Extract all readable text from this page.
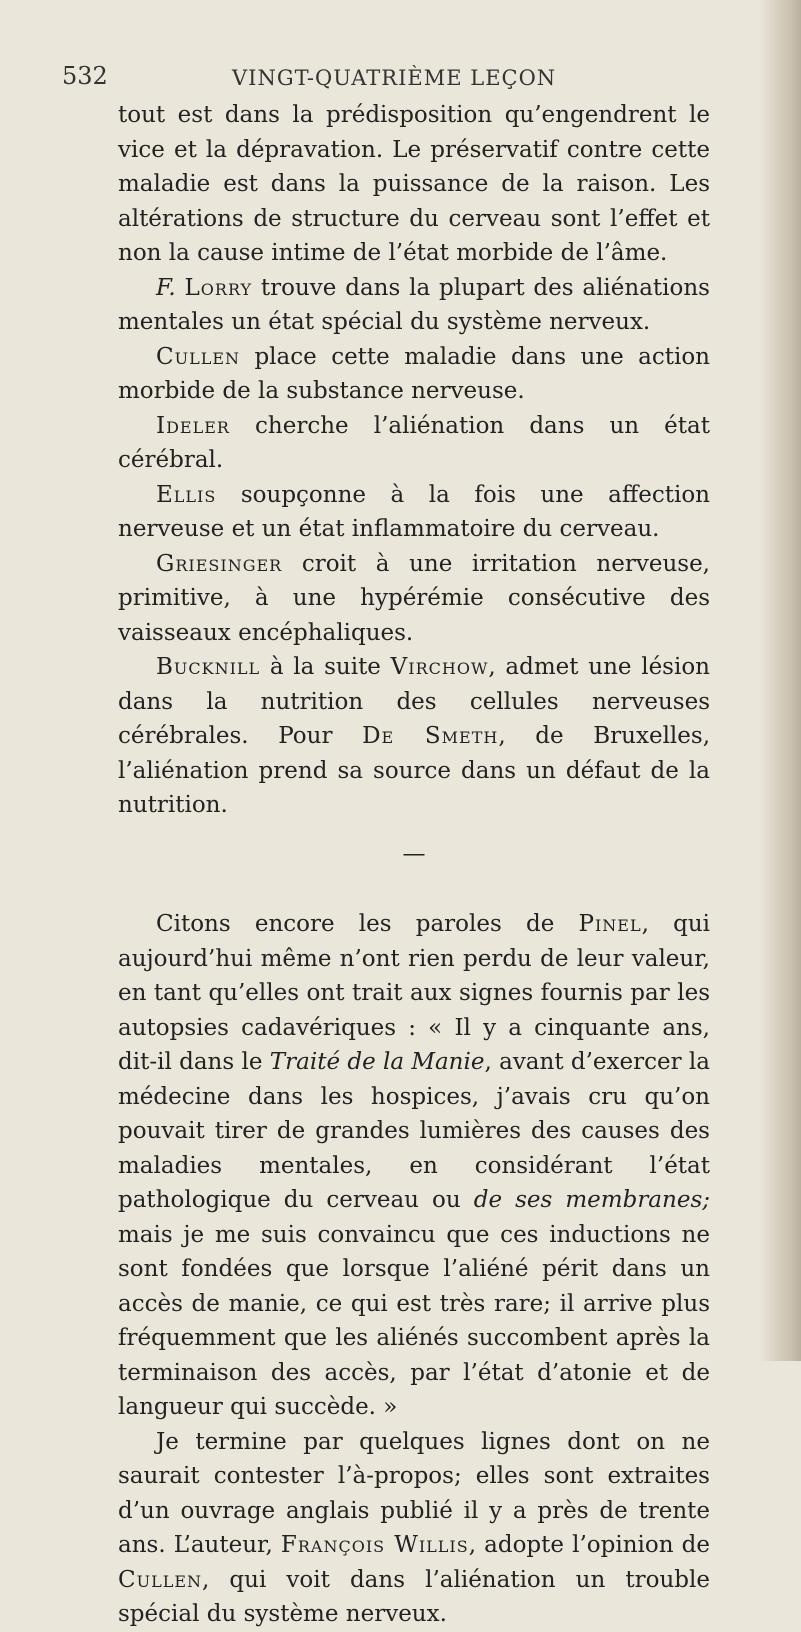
532	VINGT-QUATRIÈME LEÇON

tout est dans la prédisposition qu’engendrent le vice et la dépravation. Le préservatif contre cette maladie est dans la puissance de la raison. Les altérations de structure du cerveau sont l’effet et non la cause intime de l’état morbide de l’âme.

F. Lorry trouve dans la plupart des aliénations mentales un état spécial du système nerveux.

Cullen place cette maladie dans une action morbide de la substance nerveuse.

Ideler cherche l’aliénation dans un état cérébral.

Ellis soupçonne à la fois une affection nerveuse et un état inflammatoire du cerveau.

Griesinger croit à une irritation nerveuse, primitive, à une hypérémie consécutive des vaisseaux encéphaliques.

Bucknill à la suite Virchow, admet une lésion dans la nutrition des cellules nerveuses cérébrales. Pour De Smeth, de Bruxelles, l’aliénation prend sa source dans un défaut de la nutrition.

—

Citons encore les paroles de Pinel, qui aujourd’hui même n’ont rien perdu de leur valeur, en tant qu’elles ont trait aux signes fournis par les autopsies cadavériques : « Il y a cinquante ans, dit-il dans le Traité de la Manie, avant d’exercer la médecine dans les hospices, j’avais cru qu’on pouvait tirer de grandes lumières des causes des maladies mentales, en considérant l’état pathologique du cerveau ou de ses membranes; mais je me suis convaincu que ces inductions ne sont fondées que lorsque l’aliéné périt dans un accès de manie, ce qui est très rare; il arrive plus fréquemment que les aliénés succombent après la terminaison des accès, par l’état d’atonie et de langueur qui succède. »

Je termine par quelques lignes dont on ne saurait contester l’à-propos; elles sont extraites d’un ouvrage anglais publié il y a près de trente ans. L’auteur, François Willis, adopte l’opinion de Cullen, qui voit dans l’aliénation un trouble spécial du système nerveux.
